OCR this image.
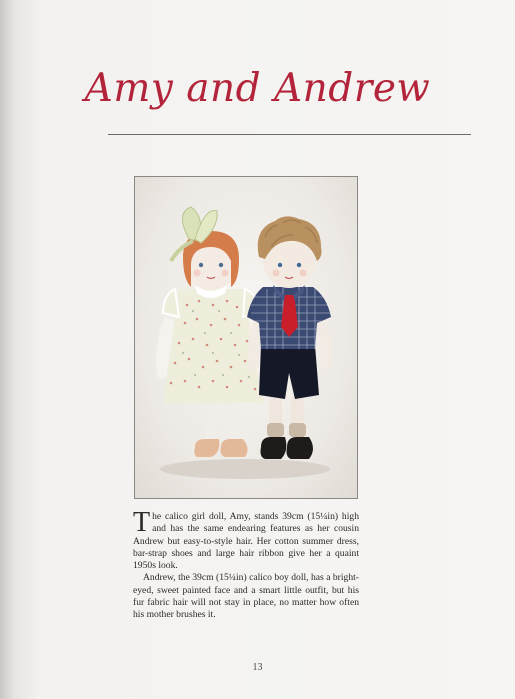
Amy and Andrew

The calico girl doll, Amy, stands 39cm (15¼in) high and has the same endearing features as her cousin Andrew but easy-to-style hair. Her cotton summer dress, bar-strap shoes and large hair ribbon give her a quaint 1950s look.

Andrew, the 39cm (15¼in) calico boy doll, has a bright-eyed, sweet painted face and a smart little outfit, but his fur fabric hair will not stay in place, no matter how often his mother brushes it.

13
